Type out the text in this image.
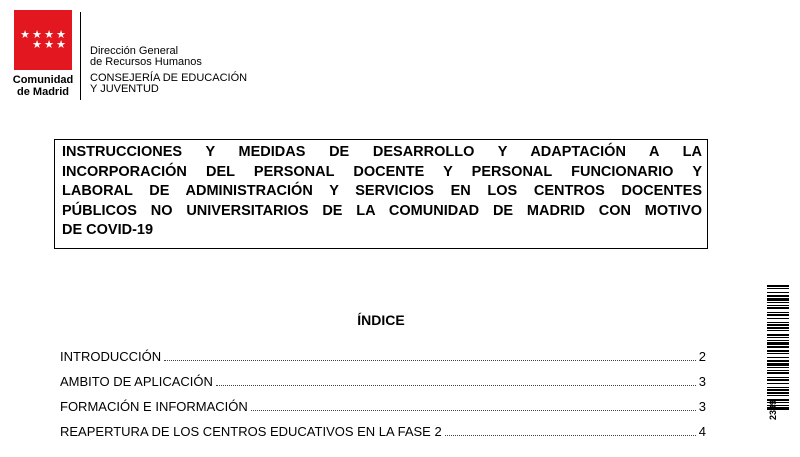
★ ★ ★ ★
★ ★ ★
Comunidad
de Madrid
Dirección General
de Recursos Humanos
CONSEJERÍA DE EDUCACIÓN
Y JUVENTUD
INSTRUCCIONES Y MEDIDAS DE DESARROLLO Y ADAPTACIÓN A LA
INCORPORACIÓN DEL PERSONAL DOCENTE Y PERSONAL FUNCIONARIO Y
LABORAL DE ADMINISTRACIÓN Y SERVICIOS EN LOS CENTROS DOCENTES
PÚBLICOS NO UNIVERSITARIOS DE LA COMUNIDAD DE MADRID CON MOTIVO
DE COVID-19
ÍNDICE
INTRODUCCIÓN	2
AMBITO DE APLICACIÓN	3
FORMACIÓN E INFORMACIÓN	3
REAPERTURA DE LOS CENTROS EDUCATIVOS EN LA FASE 2	4
2399
